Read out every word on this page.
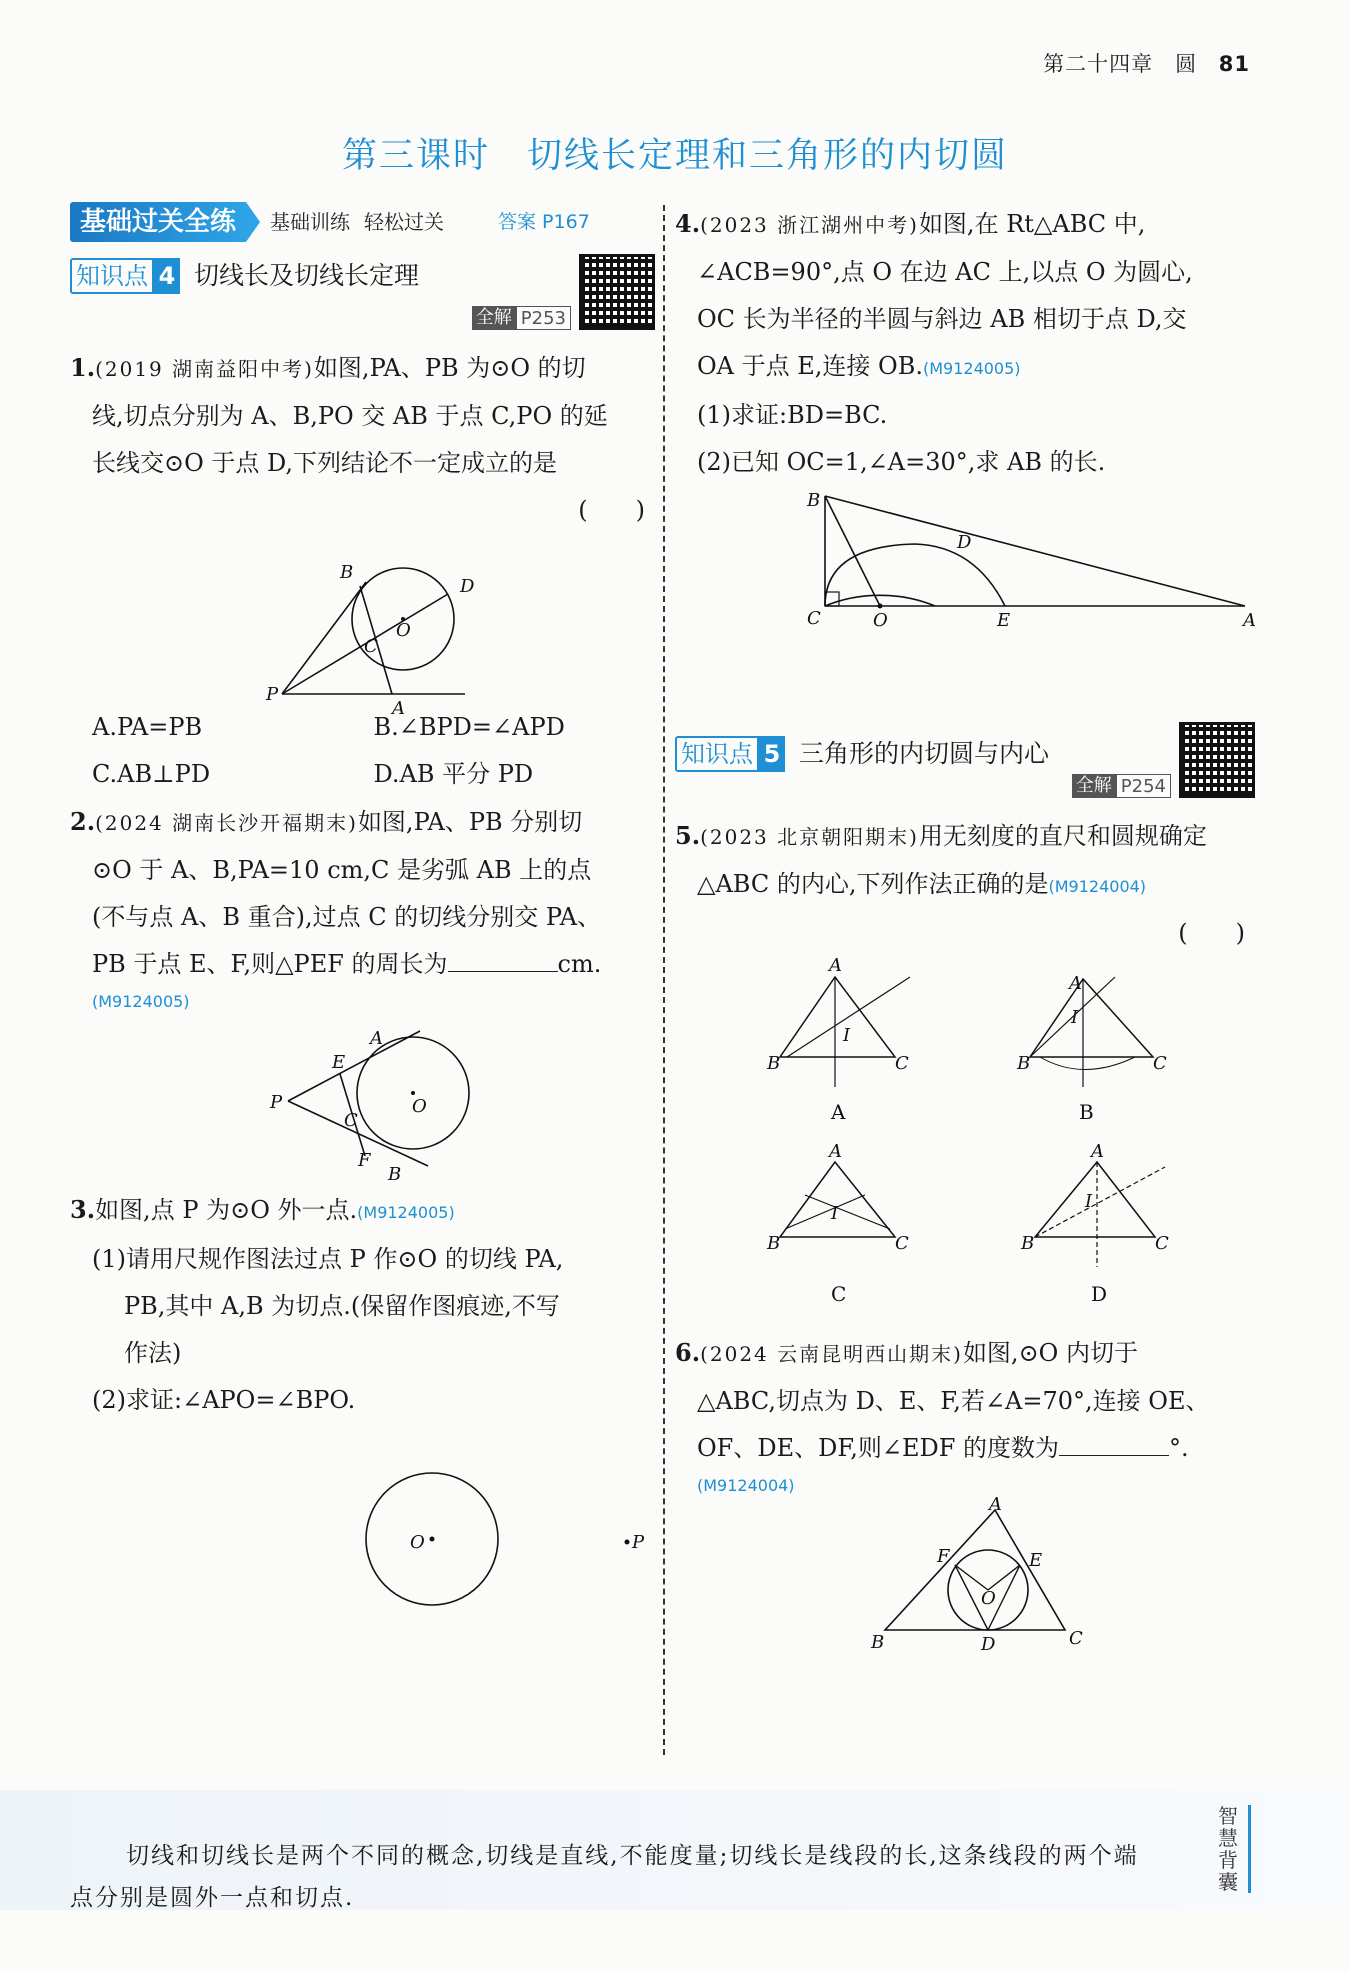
第二十四章　圆 81
第三课时　切线长定理和三角形的内切圆
基础过关全练	基础训练 轻松过关	答案 P167
知识点 4 切线长及切线长定理
全解 P253
1.(2019 湖南益阳中考)如图,PA、PB 为⊙O 的切
线,切点分别为 A、B,PO 交 AB 于点 C,PO 的延
长线交⊙O 于点 D,下列结论不一定成立的是
(　　)
B
D
O
C
P
A
A.PA=PB	B.∠BPD=∠APD
C.AB⊥PD	D.AB 平分 PD
2.(2024 湖南长沙开福期末)如图,PA、PB 分别切
⊙O 于 A、B,PA=10 cm,C 是劣弧 AB 上的点
(不与点 A、B 重合),过点 C 的切线分别交 PA、
PB 于点 E、F,则△PEF 的周长为	cm.
(M9124005)
A
E
P
C
O
F
B
3.如图,点 P 为⊙O 外一点.(M9124005)
(1)请用尺规作图法过点 P 作⊙O 的切线 PA,
PB,其中 A,B 为切点.(保留作图痕迹,不写
作法)
(2)求证:∠APO=∠BPO.
O	P
4.(2023 浙江湖州中考)如图,在 Rt△ABC 中,
∠ACB=90°,点 O 在边 AC 上,以点 O 为圆心,
OC 长为半径的半圆与斜边 AB 相切于点 D,交
OA 于点 E,连接 OB.(M9124005)
(1)求证:BD=BC.
(2)已知 OC=1,∠A=30°,求 AB 的长.
B
D
C	O	E	A
知识点 5 三角形的内切圆与内心
全解 P254
5.(2023 北京朝阳期末)用无刻度的直尺和圆规确定
△ABC 的内心,下列作法正确的是(M9124004)
(　　)
A
B	C
I
A
A
B	C
I
B
A
B	C
I
C
A
B	C
I
D
6.(2024 云南昆明西山期末)如图,⊙O 内切于
△ABC,切点为 D、E、F,若∠A=70°,连接 OE、
OF、DE、DF,则∠EDF 的度数为	°.
(M9124004)
A
F	E
O
B	D	C
切线和切线长是两个不同的概念,切线是直线,不能度量;切线长是线段的长,这条线段的两个端
点分别是圆外一点和切点.
智慧背囊
